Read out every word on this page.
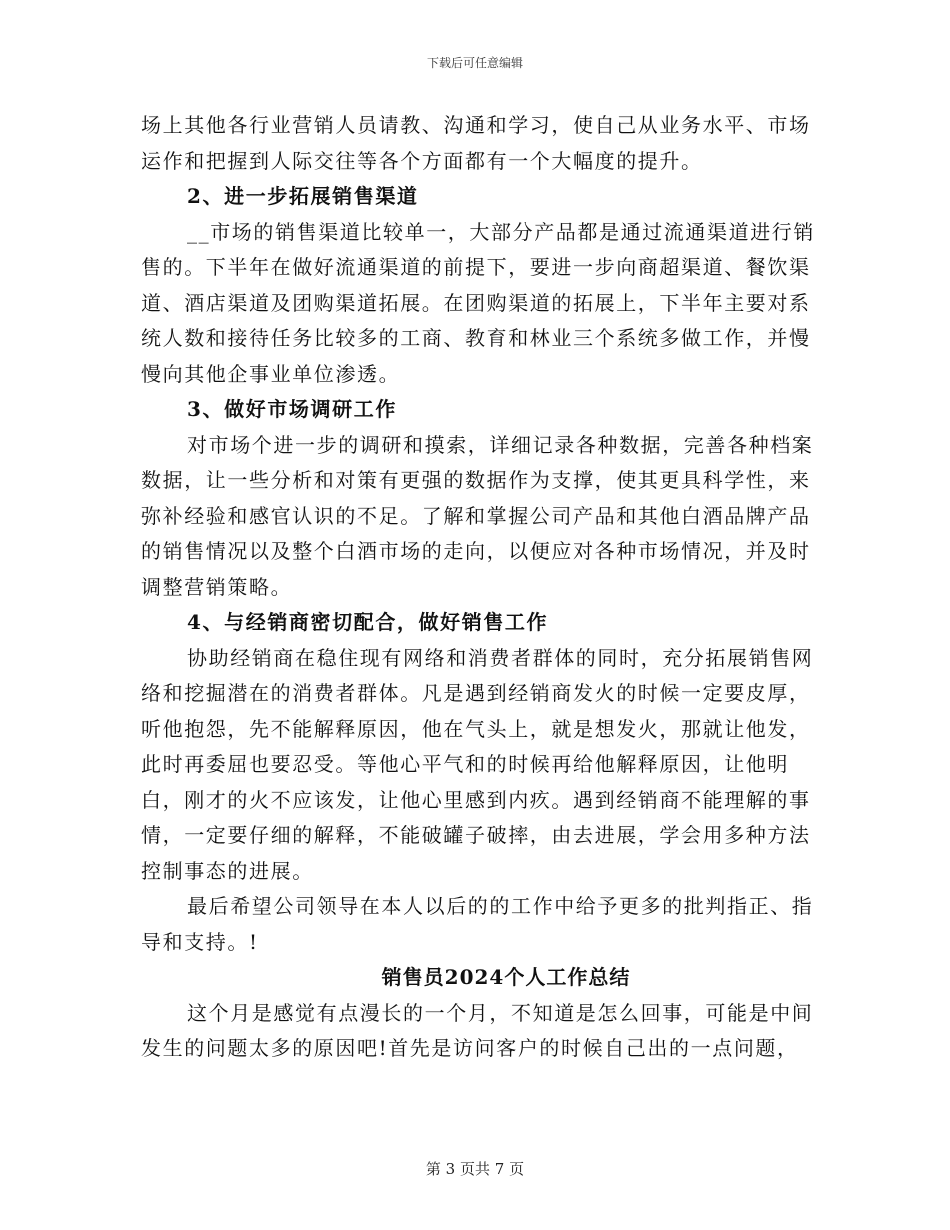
下载后可任意编辑

场上其他各行业营销人员请教、沟通和学习，使自己从业务水平、市场运作和把握到人际交往等各个方面都有一个大幅度的提升。

2、进一步拓展销售渠道

__市场的销售渠道比较单一，大部分产品都是通过流通渠道进行销售的。下半年在做好流通渠道的前提下，要进一步向商超渠道、餐饮渠道、酒店渠道及团购渠道拓展。在团购渠道的拓展上，下半年主要对系统人数和接待任务比较多的工商、教育和林业三个系统多做工作，并慢慢向其他企事业单位渗透。

3、做好市场调研工作

对市场个进一步的调研和摸索，详细记录各种数据，完善各种档案数据，让一些分析和对策有更强的数据作为支撑，使其更具科学性，来弥补经验和感官认识的不足。了解和掌握公司产品和其他白酒品牌产品的销售情况以及整个白酒市场的走向，以便应对各种市场情况，并及时调整营销策略。

4、与经销商密切配合，做好销售工作

协助经销商在稳住现有网络和消费者群体的同时，充分拓展销售网络和挖掘潜在的消费者群体。凡是遇到经销商发火的时候一定要皮厚，听他抱怨，先不能解释原因，他在气头上，就是想发火，那就让他发，此时再委屈也要忍受。等他心平气和的时候再给他解释原因，让他明白，刚才的火不应该发，让他心里感到内疚。遇到经销商不能理解的事情，一定要仔细的解释，不能破罐子破摔，由去进展，学会用多种方法控制事态的进展。

最后希望公司领导在本人以后的的工作中给予更多的批判指正、指导和支持。!

销售员2024个人工作总结

这个月是感觉有点漫长的一个月，不知道是怎么回事，可能是中间发生的问题太多的原因吧!首先是访问客户的时候自己出的一点问题，

第 3 页共 7 页
